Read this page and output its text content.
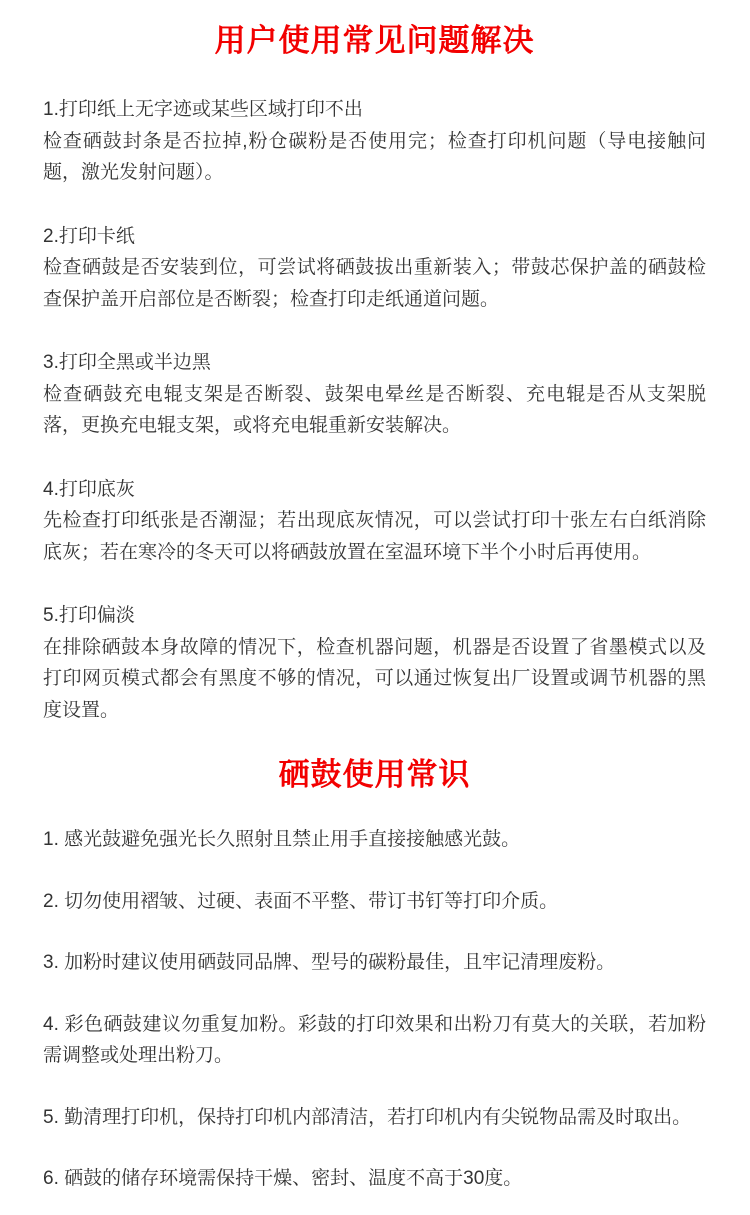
用户使用常见问题解决
1.打印纸上无字迹或某些区域打印不出
检查硒鼓封条是否拉掉,粉仓碳粉是否使用完；检查打印机问题（导电接触问题，激光发射问题）。
2.打印卡纸
检查硒鼓是否安装到位，可尝试将硒鼓拔出重新装入；带鼓芯保护盖的硒鼓检查保护盖开启部位是否断裂；检查打印走纸通道问题。
3.打印全黑或半边黑
检查硒鼓充电辊支架是否断裂、鼓架电晕丝是否断裂、充电辊是否从支架脱落，更换充电辊支架，或将充电辊重新安装解决。
4.打印底灰
先检查打印纸张是否潮湿；若出现底灰情况，可以尝试打印十张左右白纸消除底灰；若在寒冷的冬天可以将硒鼓放置在室温环境下半个小时后再使用。
5.打印偏淡
在排除硒鼓本身故障的情况下，检查机器问题，机器是否设置了省墨模式以及打印网页模式都会有黑度不够的情况，可以通过恢复出厂设置或调节机器的黑度设置。
硒鼓使用常识

1. 感光鼓避免强光长久照射且禁止用手直接接触感光鼓。

2. 切勿使用褶皱、过硬、表面不平整、带订书钉等打印介质。

3. 加粉时建议使用硒鼓同品牌、型号的碳粉最佳，且牢记清理废粉。

4. 彩色硒鼓建议勿重复加粉。彩鼓的打印效果和出粉刀有莫大的关联，若加粉需调整或处理出粉刀。

5. 勤清理打印机，保持打印机内部清洁，若打印机内有尖锐物品需及时取出。

6. 硒鼓的储存环境需保持干燥、密封、温度不高于30度。
